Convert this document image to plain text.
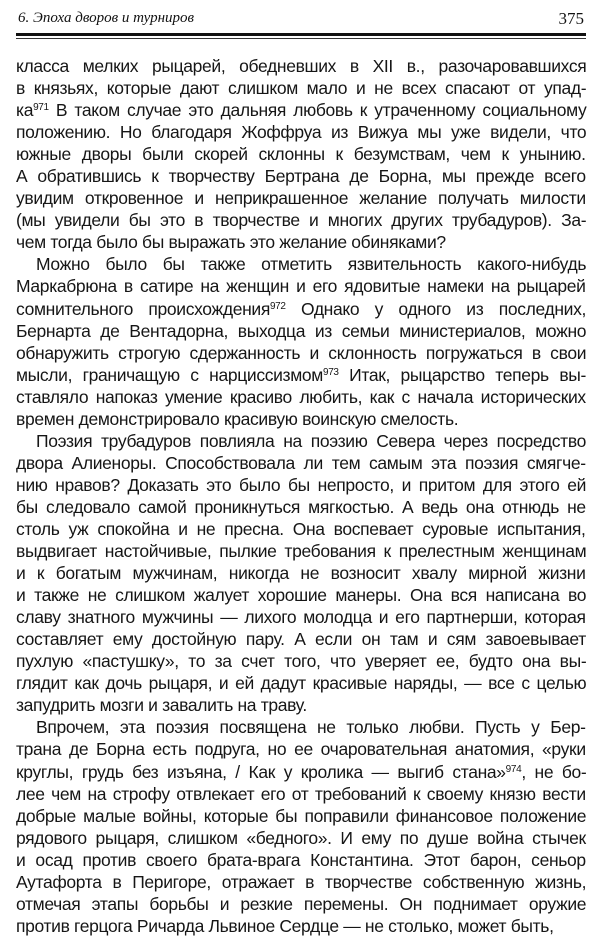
6. Эпоха дворов и турниров	375
класса мелких рыцарей, обедневших в XII в., разочаровавшихся
в князьях, которые дают слишком мало и не всех спасают от упад-
ка$^{971}$ В таком случае это дальняя любовь к утраченному социальному
положению. Но благодаря Жоффруа из Вижуа мы уже видели, что
южные дворы были скорей склонны к безумствам, чем к унынию.
А обратившись к творчеству Бертрана де Борна, мы прежде всего
увидим откровенное и неприкрашенное желание получать милости
(мы увидели бы это в творчестве и многих других трубадуров). За-
чем тогда было бы выражать это желание обиняками?
Можно было бы также отметить язвительность какого-нибудь
Маркабрюна в сатире на женщин и его ядовитые намеки на рыцарей
сомнительного происхождения$^{972}$ Однако у одного из последних,
Бернарта де Вентадорна, выходца из семьи министериалов, можно
обнаружить строгую сдержанность и склонность погружаться в свои
мысли, граничащую с нарциссизмом$^{973}$ Итак, рыцарство теперь вы-
ставляло напоказ умение красиво любить, как с начала исторических
времен демонстрировало красивую воинскую смелость.
Поэзия трубадуров повлияла на поэзию Севера через посредство
двора Алиеноры. Способствовала ли тем самым эта поэзия смягче-
нию нравов? Доказать это было бы непросто, и притом для этого ей
бы следовало самой проникнуться мягкостью. А ведь она отнюдь не
столь уж спокойна и не пресна. Она воспевает суровые испытания,
выдвигает настойчивые, пылкие требования к прелестным женщинам
и к богатым мужчинам, никогда не возносит хвалу мирной жизни
и также не слишком жалует хорошие манеры. Она вся написана во
славу знатного мужчины — лихого молодца и его партнерши, которая
составляет ему достойную пару. А если он там и сям завоевывает
пухлую «пастушку», то за счет того, что уверяет ее, будто она вы-
глядит как дочь рыцаря, и ей дадут красивые наряды, — все с целью
запудрить мозги и завалить на траву.
Впрочем, эта поэзия посвящена не только любви. Пусть у Бер-
трана де Борна есть подруга, но ее очаровательная анатомия, «руки
круглы, грудь без изъяна, / Как у кролика — выгиб стана»$^{974}$, не бо-
лее чем на строфу отвлекает его от требований к своему князю вести
добрые малые войны, которые бы поправили финансовое положение
рядового рыцаря, слишком «бедного». И ему по душе война стычек
и осад против своего брата-врага Константина. Этот барон, сеньор
Аутафорта в Перигоре, отражает в творчестве собственную жизнь,
отмечая этапы борьбы и резкие перемены. Он поднимает оружие
против герцога Ричарда Львиное Сердце — не столько, может быть,
